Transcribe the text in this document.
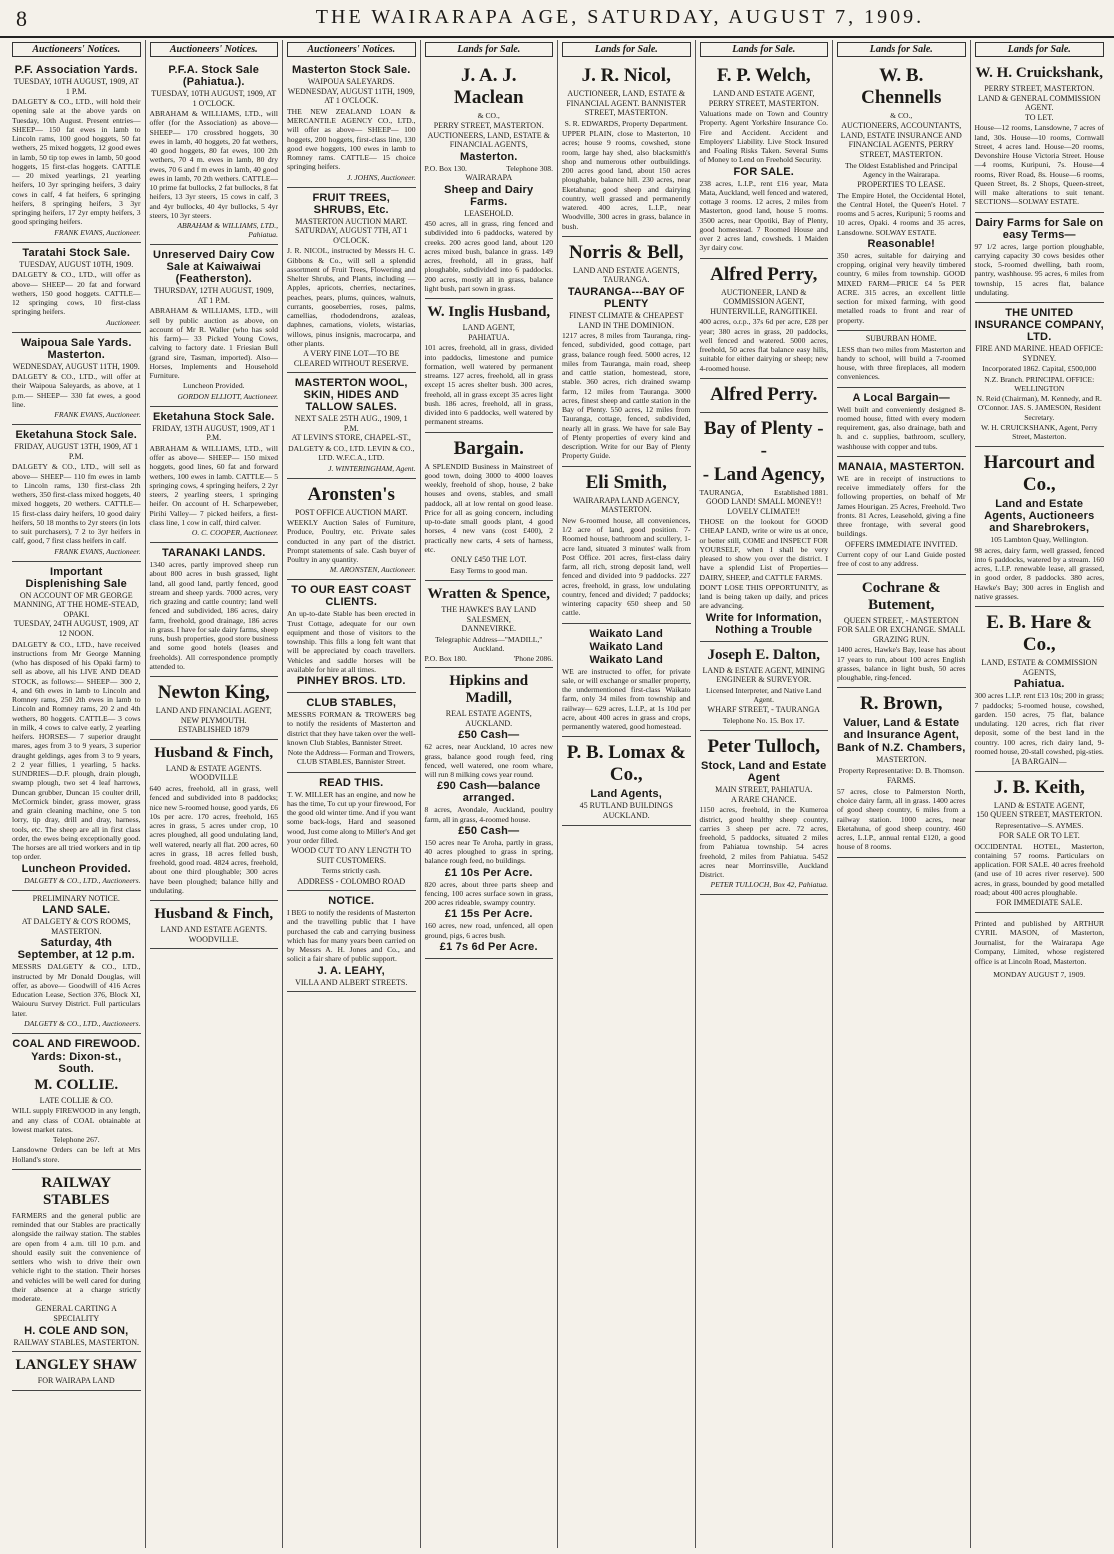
8	THE WAIRARAPA AGE, SATURDAY, AUGUST 7, 1909.
Auctioneers' Notices.
P.F. Association Yards.
TUESDAY, 10TH AUGUST, 1909, AT 1 P.M.

DALGETY & CO., LTD., will hold their opening sale at the above yards on Tuesday, 10th August. Present entries— SHEEP— 150 fat ewes in lamb to Lincoln rams, 100 good hoggets, 50 fat wethers, 25 mixed hoggets, 12 good ewes in lamb, 50 tip top ewes in lamb, 50 good hoggets, 15 first-clas hoggets. CATTLE— 20 mixed yearlings, 21 yearling heifers, 10 3yr springing heifers, 3 dairy cows in calf, 4 fat heifers, 6 springing heifers, 8 springing heifers, 3 3yr springing heifers, 17 2yr empty heifers, 3 good springing heifers.

FRANK EVANS, Auctioneer.
Taratahi Stock Sale.
TUESDAY, AUGUST 10TH, 1909.

DALGETY & CO., LTD., will offer as above— SHEEP— 20 fat and forward wethers, 150 good hoggets. CATTLE— 12 springing cows, 10 first-class springing heifers.

Auctioneer.
Waipoua Sale Yards. Masterton.
WEDNESDAY, AUGUST 11TH, 1909.

DALGETY & CO., LTD., will offer at their Waipoua Saleyards, as above, at 1 p.m.— SHEEP— 330 fat ewes, a good line.

FRANK EVANS, Auctioneer.
Eketahuna Stock Sale.
FRIDAY, AUGUST 13TH, 1909, AT 1 P.M.

DALGETY & CO., LTD., will sell as above— SHEEP— 110 fm ewes in lamb to Lincoln rams, 130 first-class 2th wethers, 350 first-class mixed hoggets, 40 mixed hoggets, 20 wethers. CATTLE— 15 first-class dairy heifers, 10 good dairy heifers, 50 18 months to 2yr steers (in lots to suit purchasers), 7 2 to 3yr heifers in calf, good, 7 first class heifers in calf.

FRANK EVANS, Auctioneer.
Important Displenishing Sale
ON ACCOUNT OF MR GEORGE MANNING, AT THE HOME-STEAD, OPAKI.
TUESDAY, 24TH AUGUST, 1909, AT 12 NOON.

DALGETY & CO., LTD., have received instructions from Mr George Manning (who has disposed of his Opaki farm) to sell as above, all his LIVE AND DEAD STOCK, as follows:— SHEEP— 300 2, 4, and 6th ewes in lamb to Lincoln and Romney rams, 250 2th ewes in lamb to Lincoln and Romney rams, 20 2 and 4th wethers, 80 hoggets. CATTLE— 3 cows in milk, 4 cows to calve early, 2 yearling heifers. HORSES— 7 superior draught mares, ages from 3 to 9 years, 3 superior draught geldings, ages from 3 to 9 years, 2 2 year fillies, 1 yearling, 5 hacks. SUNDRIES—D.F. plough, drain plough, swamp plough, two set 4 leaf harrows, Duncan grubber, Duncan 15 coulter drill, McCormick binder, grass mower, grass and grain cleaning machine, one 5 ton lorry, tip dray, drill and dray, harness, tools, etc. The sheep are all in first class order, the ewes being exceptionally good. The horses are all tried workers and in tip top order.

Luncheon Provided.
DALGETY & CO., LTD., Auctioneers.
PRELIMINARY NOTICE.
LAND SALE.
AT DALGETY & CO'S ROOMS, MASTERTON.
Saturday, 4th September, at 12 p.m.

MESSRS DALGETY & CO., LTD., instructed by Mr Donald Douglas, will offer, as above— Goodwill of 416 Acres Education Lease, Section 376, Block XI, Waiouru Survey District. Full particulars later.

DALGETY & CO., LTD., Auctioneers.
COAL AND FIREWOOD.
Yards: Dixon-st., South.
M. COLLIE.
LATE COLLIE & CO.

WILL supply FIREWOOD in any length, and any class of COAL obtainable at lowest market rates.

Telephone 267.

Lansdowne Orders can be left at Mrs Holland's store.

RAILWAY STABLES

FARMERS and the general public are reminded that our Stables are practically alongside the railway station. The stables are open from 4 a.m. till 10 p.m. and should easily suit the convenience of settlers who wish to drive their own vehicle right to the station. Their horses and vehicles will be well cared for during their absence at a charge strictly moderate.

GENERAL CARTING A SPECIALITY
H. COLE AND SON,
RAILWAY STABLES, MASTERTON.
LANGLEY SHAW
FOR WAIRAPA LAND
Auctioneers' Notices.
P.F.A. Stock Sale (Pahiatua.).
TUESDAY, 10TH AUGUST, 1909, AT 1 O'CLOCK.

ABRAHAM & WILLIAMS, LTD., will offer (for the Association) as above— SHEEP— 170 crossbred hoggets, 30 ewes in lamb, 40 hoggets, 20 fat wethers, 40 good hoggets, 80 fat ewes, 100 2th wethers, 70 4 m. ewes in lamb, 80 dry ewes, 70 6 and f m ewes in lamb, 40 good ewes in lamb, 70 2th wethers. CATTLE— 10 prime fat bullocks, 2 fat bullocks, 8 fat heifers, 13 3yr steers, 15 cows in calf, 3 and 4yr bullocks, 40 4yr bullocks, 5 4yr steers, 10 3yr steers.

ABRAHAM & WILLIAMS, LTD., Pahiatua.
Unreserved Dairy Cow Sale at Kaiwaiwai (Featherston).
THURSDAY, 12TH AUGUST, 1909, AT 1 P.M.

ABRAHAM & WILLIAMS, LTD., will sell by public auction as above, on account of Mr R. Waller (who has sold his farm)— 33 Picked Young Cows, calving to factory date. 1 Friesian Bull (grand sire, Tasman, imported). Also—Horses, Implements and Household Furniture.

Luncheon Provided.
GORDON ELLIOTT, Auctioneer.
Eketahuna Stock Sale.
FRIDAY, 13TH AUGUST, 1909, AT 1 P.M.

ABRAHAM & WILLIAMS, LTD., will offer as above— SHEEP— 150 mixed hoggets, good lines, 60 fat and forward wethers, 100 ewes in lamb. CATTLE— 5 springing cows, 4 springing heifers, 2 2yr steers, 2 yearling steers, 1 springing heifer. On account of H. Scharpeweber, Pirihi Valley— 7 picked heifers, a first-class line, 1 cow in calf, third calver.

O. C. COOPER, Auctioneer.
TARANAKI LANDS.

1340 acres, partly improved sheep run about 800 acres in bush grassed, light land, all good land, partly fenced, good stream and sheep yards. 7000 acres, very rich grazing and cattle country; land well fenced and subdivided, 186 acres, dairy farm, freehold, good drainage, 186 acres in grass. I have for sale dairy farms, sheep runs, bush properties, good store business and some good hotels (leases and freeholds). All correspondence promptly attended to.

Newton King,
LAND AND FINANCIAL AGENT, NEW PLYMOUTH.
ESTABLISHED 1879
Husband & Finch,
LAND & ESTATE AGENTS.
WOODVILLE

640 acres, freehold, all in grass, well fenced and subdivided into 8 paddocks; nice new 5-roomed house, good yards, £6 10s per acre. 170 acres, freehold, 165 acres in grass, 5 acres under crop, 10 acres ploughed, all good undulating land, well watered, nearly all flat. 200 acres, 60 acres in grass, 18 acres felled bush, freehold, good road. 4824 acres, freehold, about one third ploughable; 300 acres have been ploughed; balance hilly and undulating.

Husband & Finch,
LAND AND ESTATE AGENTS.
WOODVILLE.
Auctioneers' Notices.
Masterton Stock Sale.
WAIPOUA SALEYARDS.
WEDNESDAY, AUGUST 11TH, 1909, AT 1 O'CLOCK.

THE NEW ZEALAND LOAN & MERCANTILE AGENCY CO., LTD., will offer as above— SHEEP— 100 hoggets, 200 hoggets, first-class line, 130 good ewe hoggets, 100 ewes in lamb to Romney rams. CATTLE— 15 choice springing heifers.

J. JOHNS, Auctioneer.
FRUIT TREES, SHRUBS, Etc.
MASTERTON AUCTION MART.
SATURDAY, AUGUST 7TH, AT 1 O'CLOCK.

J. R. NICOL, instructed by Messrs H. C. Gibbons & Co., will sell a splendid assortment of Fruit Trees, Flowering and Shelter Shrubs, and Plants, including — Apples, apricots, cherries, nectarines, peaches, pears, plums, quinces, walnuts, currants, gooseberries, roses, palms, camellias, rhododendrons, azaleas, daphnes, carnations, violets, wistarias, willows, pinus insignis, macrocarpa, and other plants.

A VERY FINE LOT—TO BE CLEARED WITHOUT RESERVE.
MASTERTON WOOL, SKIN, HIDES AND TALLOW SALES.
NEXT SALE 25TH AUG., 1909, 1 P.M.
AT LEVIN'S STORE, CHAPEL-ST.,

DALGETY & CO., LTD. LEVIN & CO., LTD. W.F.C.A., LTD.

J. WINTERINGHAM, Agent.
Aronsten's
POST OFFICE AUCTION MART.

WEEKLY Auction Sales of Furniture, Produce, Poultry, etc. Private sales conducted in any part of the district. Prompt statements of sale. Cash buyer of Poultry in any quantity.

M. ARONSTEN, Auctioneer.
TO OUR EAST COAST CLIENTS.

An up-to-date Stable has been erected in Trust Cottage, adequate for our own equipment and those of visitors to the township. This fills a long felt want that will be appreciated by coach travellers. Vehicles and saddle horses will be available for hire at all times.

PINHEY BROS. LTD.
CLUB STABLES,

MESSRS FORMAN & TROWERS beg to notify the residents of Masterton and district that they have taken over the well-known Club Stables, Bannister Street.

Note the Address— Forman and Trowers, CLUB STABLES, Bannister Street.

READ THIS.

T. W. MILLER has an engine, and now he has the time, To cut up your firewood, For the good old winter time. And if you want some back-logs, Hard and seasoned wood, Just come along to Miller's And get your order filled.

WOOD CUT TO ANY LENGTH TO SUIT CUSTOMERS.
Terms strictly cash.
ADDRESS - COLOMBO ROAD
NOTICE.

I BEG to notify the residents of Masterton and the travelling public that I have purchased the cab and carrying business which has for many years been carried on by Messrs A. H. Jones and Co., and solicit a fair share of public support.

J. A. LEAHY,
VILLA AND ALBERT STREETS.
Lands for Sale.
J. A. J. Maclean
& CO.,
PERRY STREET, MASTERTON. AUCTIONEERS, LAND, ESTATE & FINANCIAL AGENTS,
Masterton.
P.O. Box 130.	Telephone 308.
WAIRARAPA
Sheep and Dairy Farms.
LEASEHOLD.

450 acres, all in grass, ring fenced and subdivided into 6 paddocks, watered by creeks. 200 acres good land, about 120 acres mixed bush, balance in grass. 149 acres, freehold, all in grass, half ploughable, subdivided into 6 paddocks. 200 acres, mostly all in grass, balance light bush, part sown in grass.

W. Inglis Husband,
LAND AGENT,
PAHIATUA.

101 acres, freehold, all in grass, divided into paddocks, limestone and pumice formation, well watered by permanent streams. 127 acres, freehold, all in grass except 15 acres shelter bush. 300 acres, freehold, all in grass except 35 acres light bush. 186 acres, freehold, all in grass, divided into 6 paddocks, well watered by permanent streams.

Bargain.

A SPLENDID Business in Mainstreet of good town, doing 3000 to 4000 loaves weekly, freehold of shop, house, 2 bake houses and ovens, stables, and small paddock, all at low rental on good lease. Price for all as going concern, including up-to-date small goods plant, 4 good horses, 4 new vans (cost £400), 2 practically new carts, 4 sets of harness, etc.

ONLY £450 THE LOT.
Easy Terms to good man.
Wratten & Spence,
THE HAWKE'S BAY LAND SALESMEN,
DANNEVIRKE.
Telegraphic Address—"MADILL," Auckland.
P.O. Box 180.	'Phone 2086.
Hipkins and Madill,
REAL ESTATE AGENTS, AUCKLAND.
£50 Cash—

62 acres, near Auckland, 10 acres new grass, balance good rough feed, ring fenced, well watered, one room whare, will run 8 milking cows year round.

£90 Cash—balance arranged.

8 acres, Avondale, Auckland, poultry farm, all in grass, 4-roomed house.

£50 Cash—

150 acres near Te Aroha, partly in grass, 40 acres ploughed to grass in spring, balance rough feed, no buildings.

£1 10s Per Acre.

820 acres, about three parts sheep and fencing, 100 acres surface sown in grass, 200 acres rideable, swampy country.

£1 15s Per Acre.

160 acres, new road, unfenced, all open ground, pigs, 6 acres bush.

£1 7s 6d Per Acre.
Lands for Sale.
J. R. Nicol,
AUCTIONEER, LAND, ESTATE & FINANCIAL AGENT. BANNISTER STREET, MASTERTON.
S. R. EDWARDS, Property Department.

UPPER PLAIN, close to Masterton, 10 acres; house 9 rooms, cowshed, stone room, large hay shed, also blacksmith's shop and numerous other outbuildings. 200 acres good land, about 150 acres ploughable, balance hill. 230 acres, near Eketahuna; good sheep and dairying country, well grassed and permanently watered. 400 acres, L.I.P., near Woodville, 300 acres in grass, balance in bush.

Norris & Bell,
LAND AND ESTATE AGENTS, TAURANGA.
TAURANGA---BAY OF PLENTY
FINEST CLIMATE & CHEAPEST LAND IN THE DOMINION.

1217 acres, 8 miles from Tauranga, ring-fenced, subdivided, good cottage, part grass, balance rough feed. 5000 acres, 12 miles from Tauranga, main road, sheep and cattle station, homestead, store, stable. 360 acres, rich drained swamp farm, 12 miles from Tauranga. 3000 acres, finest sheep and cattle station in the Bay of Plenty. 550 acres, 12 miles from Tauranga, cottage, fenced, subdivided, nearly all in grass. We have for sale Bay of Plenty properties of every kind and description. Write for our Bay of Plenty Property Guide.

Eli Smith,
WAIRARAPA LAND AGENCY, MASTERTON.

New 6-roomed house, all conveniences, 1/2 acre of land, good position. 7-Roomed house, bathroom and scullery, 1-acre land, situated 3 minutes' walk from Post Office. 201 acres, first-class dairy farm, all rich, strong deposit land, well fenced and divided into 9 paddocks. 227 acres, freehold, in grass, low undulating country, fenced and divided; 7 paddocks; wintering capacity 650 sheep and 50 cattle.

Waikato Land
Waikato Land
Waikato Land

WE are instructed to offer, for private sale, or will exchange or smaller property, the undermentioned first-class Waikato farm, only 34 miles from township and railway— 629 acres, L.I.P., at 1s 10d per acre, about 400 acres in grass and crops, permanently watered, good homestead.

P. B. Lomax & Co.,
Land Agents,
45 RUTLAND BUILDINGS AUCKLAND.
Lands for Sale.
F. P. Welch,
LAND AND ESTATE AGENT, PERRY STREET, MASTERTON.

Valuations made on Town and Country Property. Agent Yorkshire Insurance Co. Fire and Accident. Accident and Employers' Liability. Live Stock Insured and Foaling Risks Taken. Several Sums of Money to Lend on Freehold Security.

FOR SALE.

238 acres, L.I.P., rent £16 year, Mata Mata, Auckland, well fenced and watered, cottage 3 rooms. 12 acres, 2 miles from Masterton, good land, house 5 rooms. 3500 acres, near Opotiki, Bay of Plenty, good homestead. 7 Roomed House and over 2 acres land, cowsheds. 1 Maiden 3yr dairy cow.

Alfred Perry,
AUCTIONEER, LAND & COMMISSION AGENT, HUNTERVILLE, RANGITIKEI.

400 acres, o.r.p., 37s 6d per acre, £28 per year; 380 acres in grass, 20 paddocks, well fenced and watered. 5000 acres, freehold, 50 acres flat balance easy hills, suitable for either dairying or sheep; new 4-roomed house.

Alfred Perry.
Bay of Plenty - -
- Land Agency,
TAURANGA,	Established 1881.
GOOD LAND! SMALL MONEY!! LOVELY CLIMATE!!

THOSE on the lookout for GOOD CHEAP LAND, write or wire us at once, or better still, COME and INSPECT FOR YOURSELF, when I shall be very pleased to show you over the district. I have a splendid List of Properties— DAIRY, SHEEP, and CATTLE FARMS.

DON'T LOSE THIS OPPORTUNITY, as land is being taken up daily, and prices are advancing.

Write for Information, Nothing a Trouble
Joseph E. Dalton,
LAND & ESTATE AGENT, MINING ENGINEER & SURVEYOR.
Licensed Interpreter, and Native Land Agent.
WHARF STREET, - TAURANGA
Telephone No. 15. Box 17.
Peter Tulloch,
Stock, Land and Estate Agent
MAIN STREET, PAHIATUA.
A RARE CHANCE.

1150 acres, freehold, in the Kumeroa district, good healthy sheep country, carries 3 sheep per acre. 72 acres, freehold, 5 paddocks, situated 2 miles from Pahiatua township. 54 acres freehold, 2 miles from Pahiatua. 5452 acres near Morrinsville, Auckland District.

PETER TULLOCH, Box 42, Pahiatua.
Lands for Sale.
W. B. Chennells
& CO.,
AUCTIONEERS, ACCOUNTANTS, LAND, ESTATE INSURANCE AND FINANCIAL AGENTS, PERRY STREET, MASTERTON.
The Oldest Established and Principal Agency in the Wairarapa.
PROPERTIES TO LEASE.

The Empire Hotel, the Occidental Hotel, the Central Hotel, the Queen's Hotel. 7 rooms and 5 acres, Kuripuni; 5 rooms and 10 acres, Opaki. 4 rooms and 35 acres, Lansdowne. SOLWAY ESTATE.

Reasonable!

350 acres, suitable for dairying and cropping, original very heavily timbered country, 6 miles from township. GOOD MIXED FARM—PRICE £4 5s PER ACRE. 315 acres, an excellent little section for mixed farming, with good metalled roads to front and rear of property.

SUBURBAN HOME.

LESS than two miles from Masterton and handy to school, will build a 7-roomed house, with three fireplaces, all modern conveniences.

A Local Bargain—

Well built and conveniently designed 8-roomed house, fitted with every modern requirement, gas, also drainage, bath and h. and c. supplies, bathroom, scullery, washhouse with copper and tubs.

MANAIA, MASTERTON.

WE are in receipt of instructions to receive immediately offers for the following properties, on behalf of Mr James Hourigan. 25 Acres, Freehold. Two fronts. 81 Acres, Leasehold, giving a fine three frontage, with several good buildings.

OFFERS IMMEDIATE INVITED.

Current copy of our Land Guide posted free of cost to any address.

Cochrane & Butement,
QUEEN STREET, - MASTERTON
FOR SALE OR EXCHANGE. SMALL GRAZING RUN.

1400 acres, Hawke's Bay, lease has about 17 years to run, about 100 acres English grasses, balance in light bush, 50 acres ploughable, ring-fenced.

R. Brown,
Valuer, Land & Estate and Insurance Agent,
Bank of N.Z. Chambers,
MASTERTON.
Property Representative: D. B. Thomson.
FARMS.

57 acres, close to Palmerston North, choice dairy farm, all in grass. 1400 acres of good sheep country, 6 miles from a railway station. 1000 acres, near Eketahuna, of good sheep country. 460 acres, L.I.P., annual rental £120, a good house of 8 rooms.

Lands for Sale.
W. H. Cruickshank,
PERRY STREET, MASTERTON.
LAND & GENERAL COMMISSION AGENT.
TO LET.

House—12 rooms, Lansdowne, 7 acres of land, 30s. House—10 rooms, Cornwall Street, 4 acres land. House—20 rooms, Devonshire House Victoria Street. House—4 rooms, Kuripuni, 7s. House—4 rooms, River Road, 8s. House—6 rooms, Queen Street, 8s. 2 Shops, Queen-street, will make alterations to suit tenant. SECTIONS—SOLWAY ESTATE.

Dairy Farms for Sale on easy Terms—

97 1/2 acres, large portion ploughable, carrying capacity 30 cows besides other stock, 5-roomed dwelling, bath room, pantry, washhouse. 95 acres, 6 miles from township, 15 acres flat, balance undulating.

THE UNITED INSURANCE COMPANY, LTD.
FIRE AND MARINE. HEAD OFFICE: SYDNEY.
Incorporated 1862. Capital, £500,000
N.Z. Branch. PRINCIPAL OFFICE: WELLINGTON

N. Reid (Chairman), M. Kennedy, and R. O'Connor. JAS. S. JAMESON, Resident Secretary.

W. H. CRUICKSHANK, Agent, Perry Street, Masterton.

Harcourt and Co.,
Land and Estate Agents, Auctioneers and Sharebrokers,
105 Lambton Quay, Wellington.

98 acres, dairy farm, well grassed, fenced into 6 paddocks, watered by a stream. 160 acres, L.I.P. renewable lease, all grassed, in good order, 8 paddocks. 380 acres, Hawke's Bay; 300 acres in English and native grasses.

E. B. Hare & Co.,
LAND, ESTATE & COMMISSION AGENTS,
Pahiatua.

300 acres L.I.P. rent £13 10s; 200 in grass; 7 paddocks; 5-roomed house, cowshed, garden. 150 acres, 75 flat, balance undulating. 120 acres, rich flat river deposit, some of the best land in the country. 100 acres, rich dairy land, 9-roomed house, 20-stall cowshed, pig-sties.

[A BARGAIN—
J. B. Keith,
LAND & ESTATE AGENT,
150 QUEEN STREET, MASTERTON.
Representative—S. AYMES.
FOR SALE OR TO LET.

OCCIDENTAL HOTEL, Masterton, containing 57 rooms. Particulars on application. FOR SALE. 40 acres freehold (and use of 10 acres river reserve). 500 acres, in grass, bounded by good metalled road; about 400 acres ploughable.

FOR IMMEDIATE SALE.
Printed and published by ARTHUR CYRIL MASON, of Masterton, Journalist, for the Wairarapa Age Company, Limited, whose registered office is at Lincoln Road, Masterton.
MONDAY AUGUST 7, 1909.
